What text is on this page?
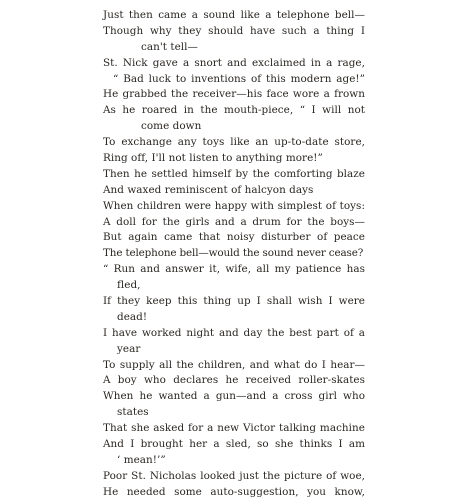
Just then came a sound like a telephone bell—
Though why they should have such a thing I
can't tell—
St. Nick gave a snort and exclaimed in a rage,
“ Bad luck to inventions of this modern age!”
He grabbed the receiver—his face wore a frown
As he roared in the mouth-piece, “ I will not
come down
To exchange any toys like an up-to-date store,
Ring off, I'll not listen to anything more!”
Then he settled himself by the comforting blaze
And waxed reminiscent of halcyon days
When children were happy with simplest of toys:
A doll for the girls and a drum for the boys—
But again came that noisy disturber of peace
The telephone bell—would the sound never cease?
“ Run and answer it, wife, all my patience has
fled,
If they keep this thing up I shall wish I were
dead!
I have worked night and day the best part of a
year
To supply all the children, and what do I hear—
A boy who declares he received roller-skates
When he wanted a gun—and a cross girl who
states
That she asked for a new Victor talking machine
And I brought her a sled, so she thinks I am
‘ mean!’”
Poor St. Nicholas looked just the picture of woe,
He needed some auto-suggestion, you know,
